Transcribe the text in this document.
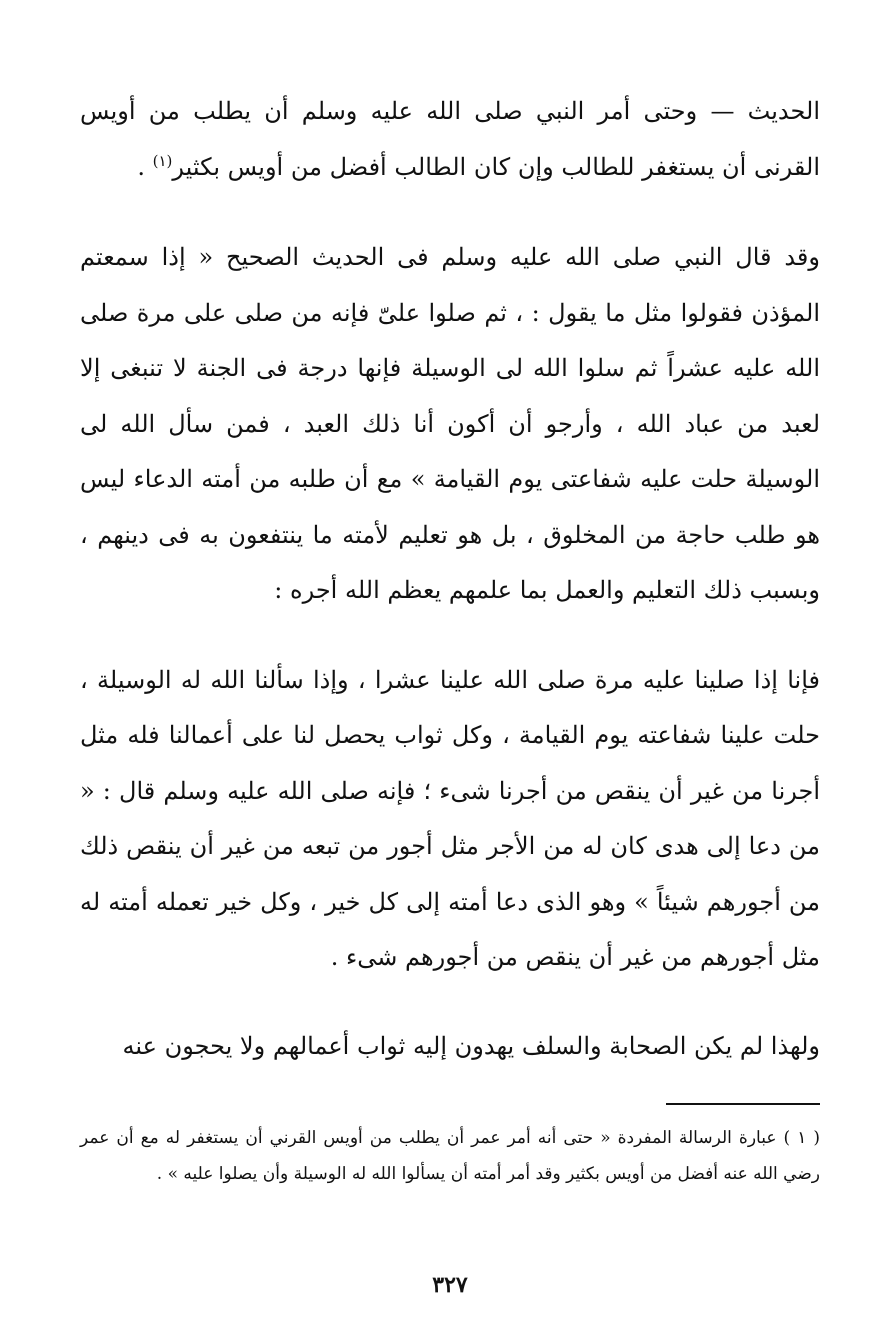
الحديث — وحتى أمر النبي صلى الله عليه وسلم أن يطلب من أويس القرنى أن يستغفر للطالب وإن كان الطالب أفضل من أويس بكثير$^{(١)}$ .

وقد قال النبي صلى الله عليه وسلم فى الحديث الصحيح « إذا سمعتم المؤذن فقولوا مثل ما يقول : ، ثم صلوا علىّ فإنه من صلى على مرة صلى الله عليه عشراً ثم سلوا الله لى الوسيلة فإنها درجة فى الجنة لا تنبغى إلا لعبد من عباد الله ، وأرجو أن أكون أنا ذلك العبد ، فمن سأل الله لى الوسيلة حلت عليه شفاعتى يوم القيامة » مع أن طلبه من أمته الدعاء ليس هو طلب حاجة من المخلوق ، بل هو تعليم لأمته ما ينتفعون به فى دينهم ، وبسبب ذلك التعليم والعمل بما علمهم يعظم الله أجره :

فإنا إذا صلينا عليه مرة صلى الله علينا عشرا ، وإذا سألنا الله له الوسيلة ، حلت علينا شفاعته يوم القيامة ، وكل ثواب يحصل لنا على أعمالنا فله مثل أجرنا من غير أن ينقص من أجرنا شىء ؛ فإنه صلى الله عليه وسلم قال : « من دعا إلى هدى كان له من الأجر مثل أجور من تبعه من غير أن ينقص ذلك من أجورهم شيئاً » وهو الذى دعا أمته إلى كل خير ، وكل خير تعمله أمته له مثل أجورهم من غير أن ينقص من أجورهم شىء .

ولهذا لم يكن الصحابة والسلف يهدون إليه ثواب أعمالهم ولا يحجون عنه

( ١ ) عبارة الرسالة المفردة « حتى أنه أمر عمر أن يطلب من أويس القرني أن يستغفر له مع أن عمر رضي الله عنه أفضل من أويس بكثير وقد أمر أمته أن يسألوا الله له الوسيلة وأن يصلوا عليه » .

٣٢٧
